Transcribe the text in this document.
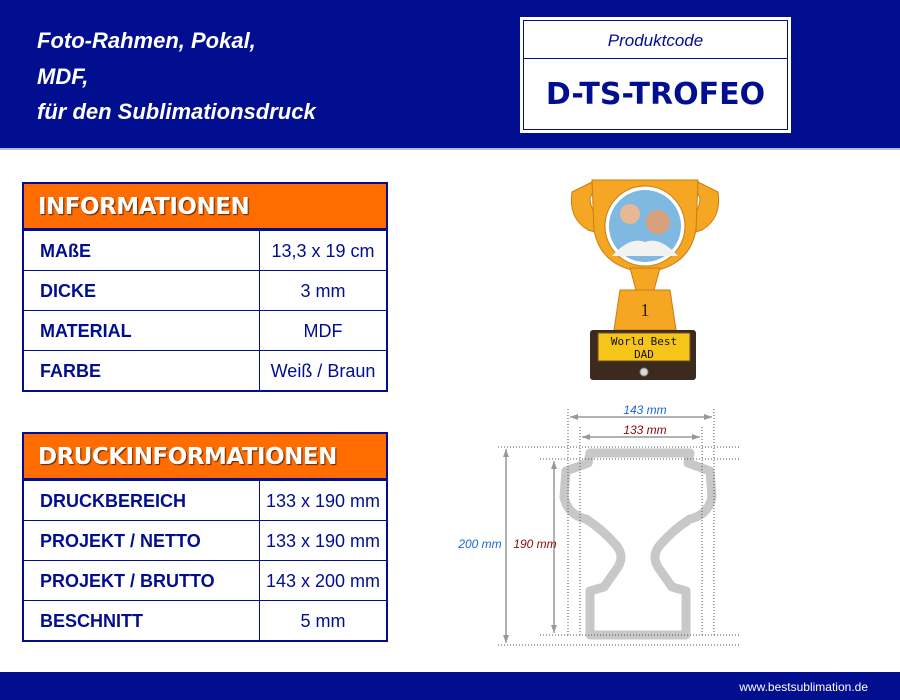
Foto-Rahmen, Pokal,
MDF,
für den Sublimationsdruck
Produktcode
D-TS-TROFEO
INFORMATIONEN
MAßE	13,3 x 19 cm
DICKE	3 mm
MATERIAL	MDF
FARBE	Weiß / Braun
DRUCKINFORMATIONEN
DRUCKBEREICH	133 x 190 mm
PROJEKT / NETTO	133 x 190 mm
PROJEKT / BRUTTO	143 x 200 mm
BESCHNITT	5 mm
1
World Best
DAD
143 mm
133 mm
200 mm 190 mm
www.bestsublimation.de
